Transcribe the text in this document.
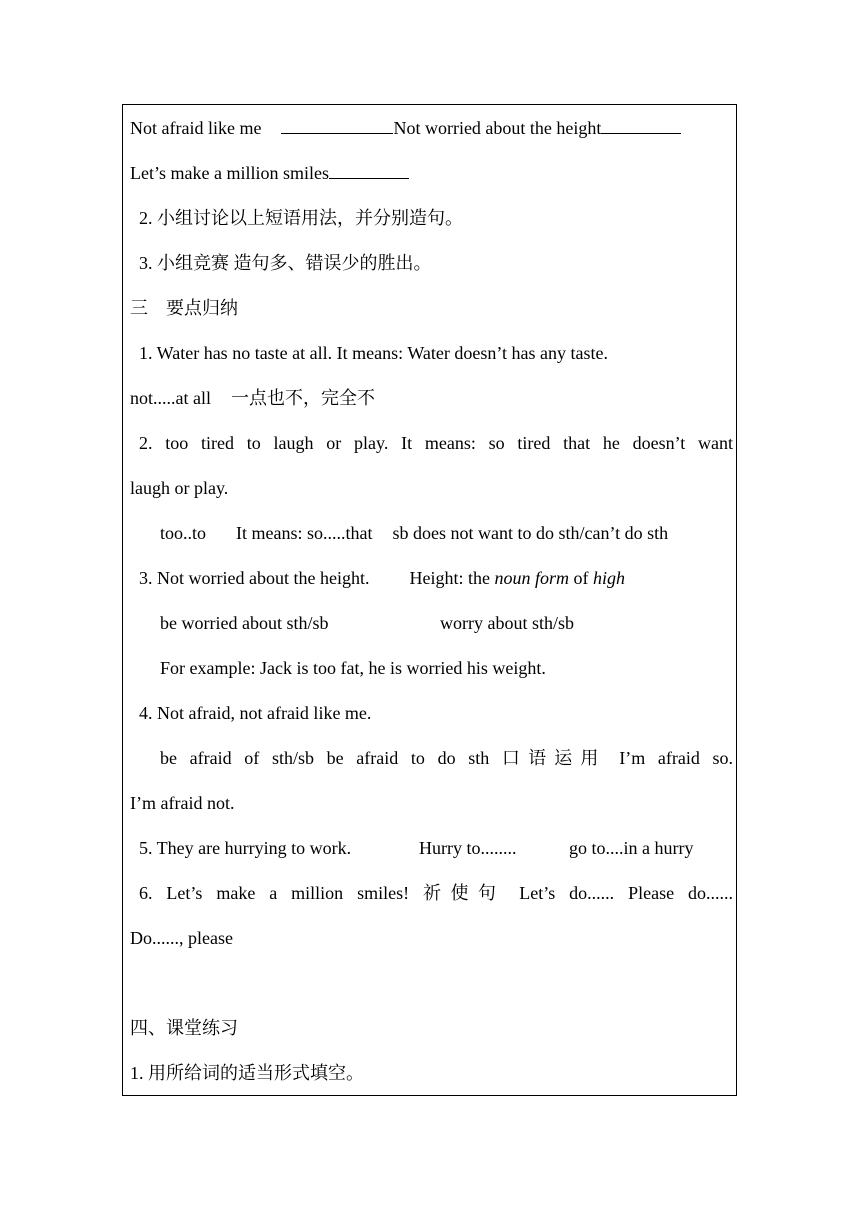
Not afraid like me	Not worried about the height
Let’s make a million smiles
2. 小组讨论以上短语用法，并分别造句。
3. 小组竞赛 造句多、错误少的胜出。
三　要点归纳
1. Water has no taste at all. It means: Water doesn’t has any taste.
not.....at all 一点也不，完全不
2. too tired to laugh or play. It means: so tired that he doesn’t want
laugh or play.
too..to It means: so.....that sb does not want to do sth/can’t do sth
3. Not worried about the height. Height: the noun form of high
be worried about sth/sb	worry about sth/sb
For example: Jack is too fat, he is worried his weight.
4. Not afraid, not afraid like me.
be afraid of sth/sb be afraid to do sth 口语运用 I’m afraid so.
I’m afraid not.
5. They are hurrying to work.	Hurry to........	go to....in a hurry
6. Let’s make a million smiles! 祈使句 Let’s do...... Please do......
Do......, please
四、课堂练习
1. 用所给词的适当形式填空。
